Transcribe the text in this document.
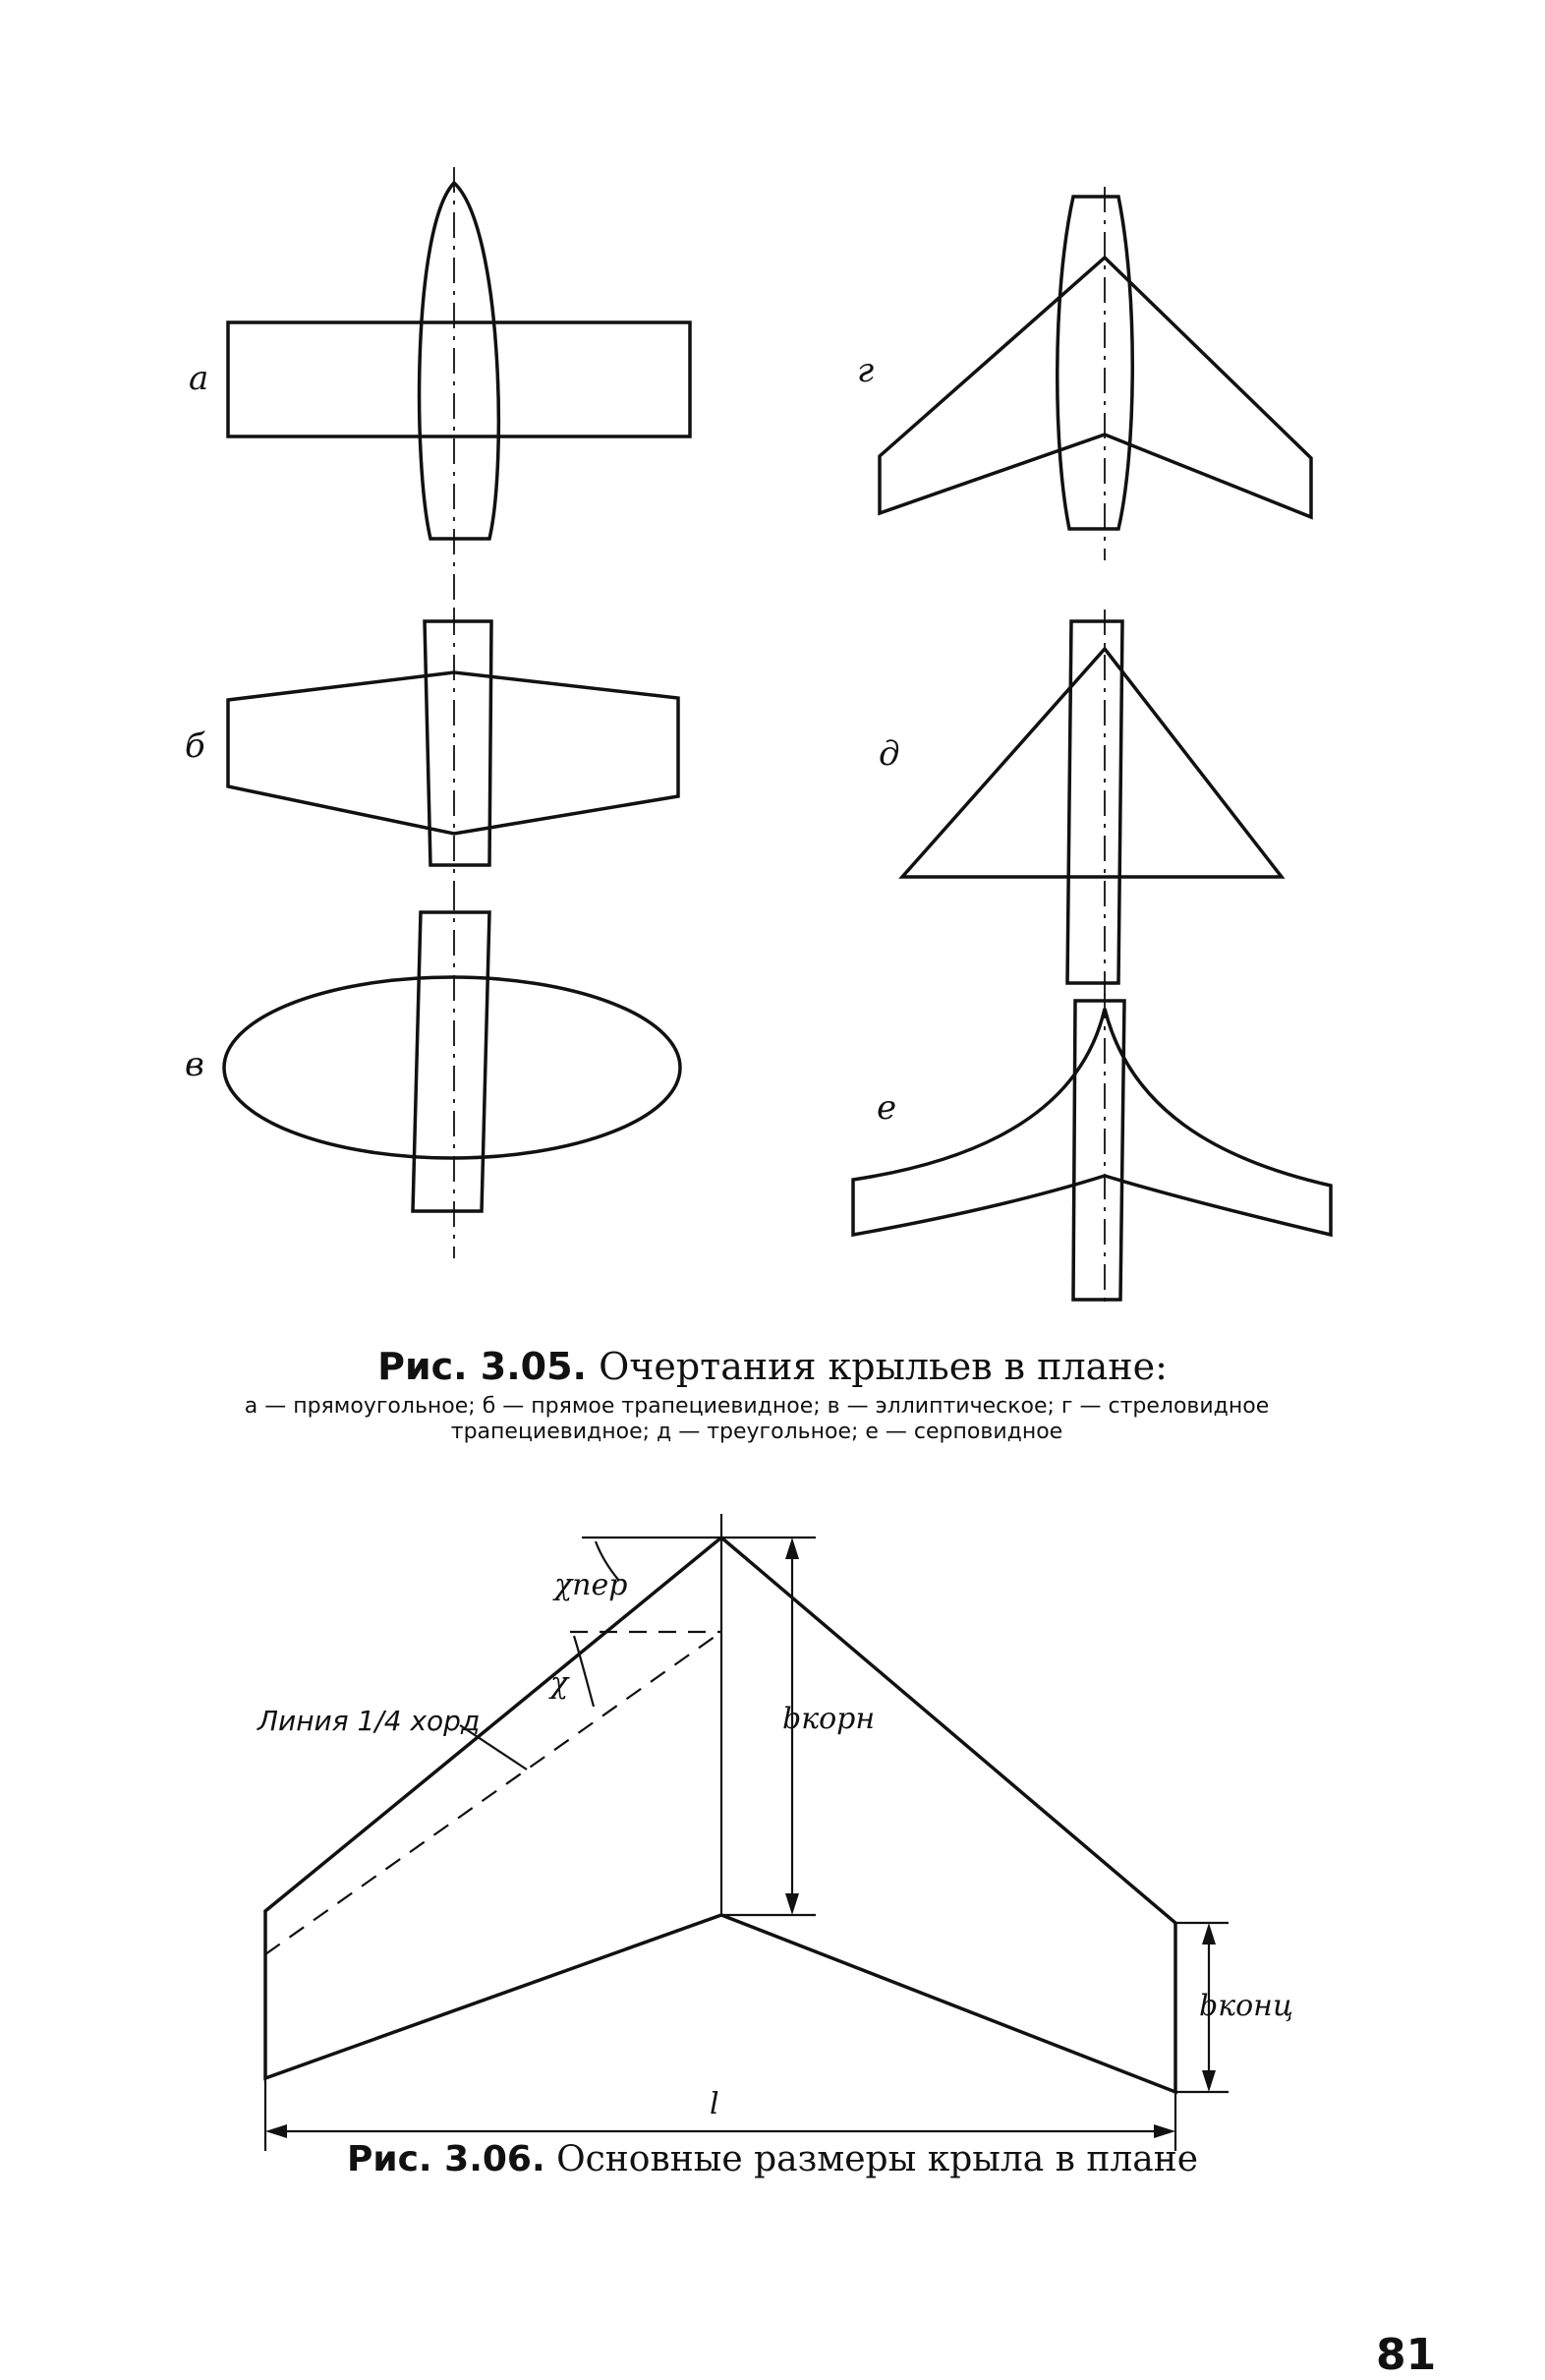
а
б
в
г
д
е
χпер
χ
Линия 1/4 хорд	bкорн
bконц
l
Рис. 3.05. Очертания крыльев в плане:
а — прямоугольное; б — прямое трапециевидное; в — эллиптическое; г — стреловидное трапециевидное; д — треугольное; е — серповидное
Рис. 3.06. Основные размеры крыла в плане
81
